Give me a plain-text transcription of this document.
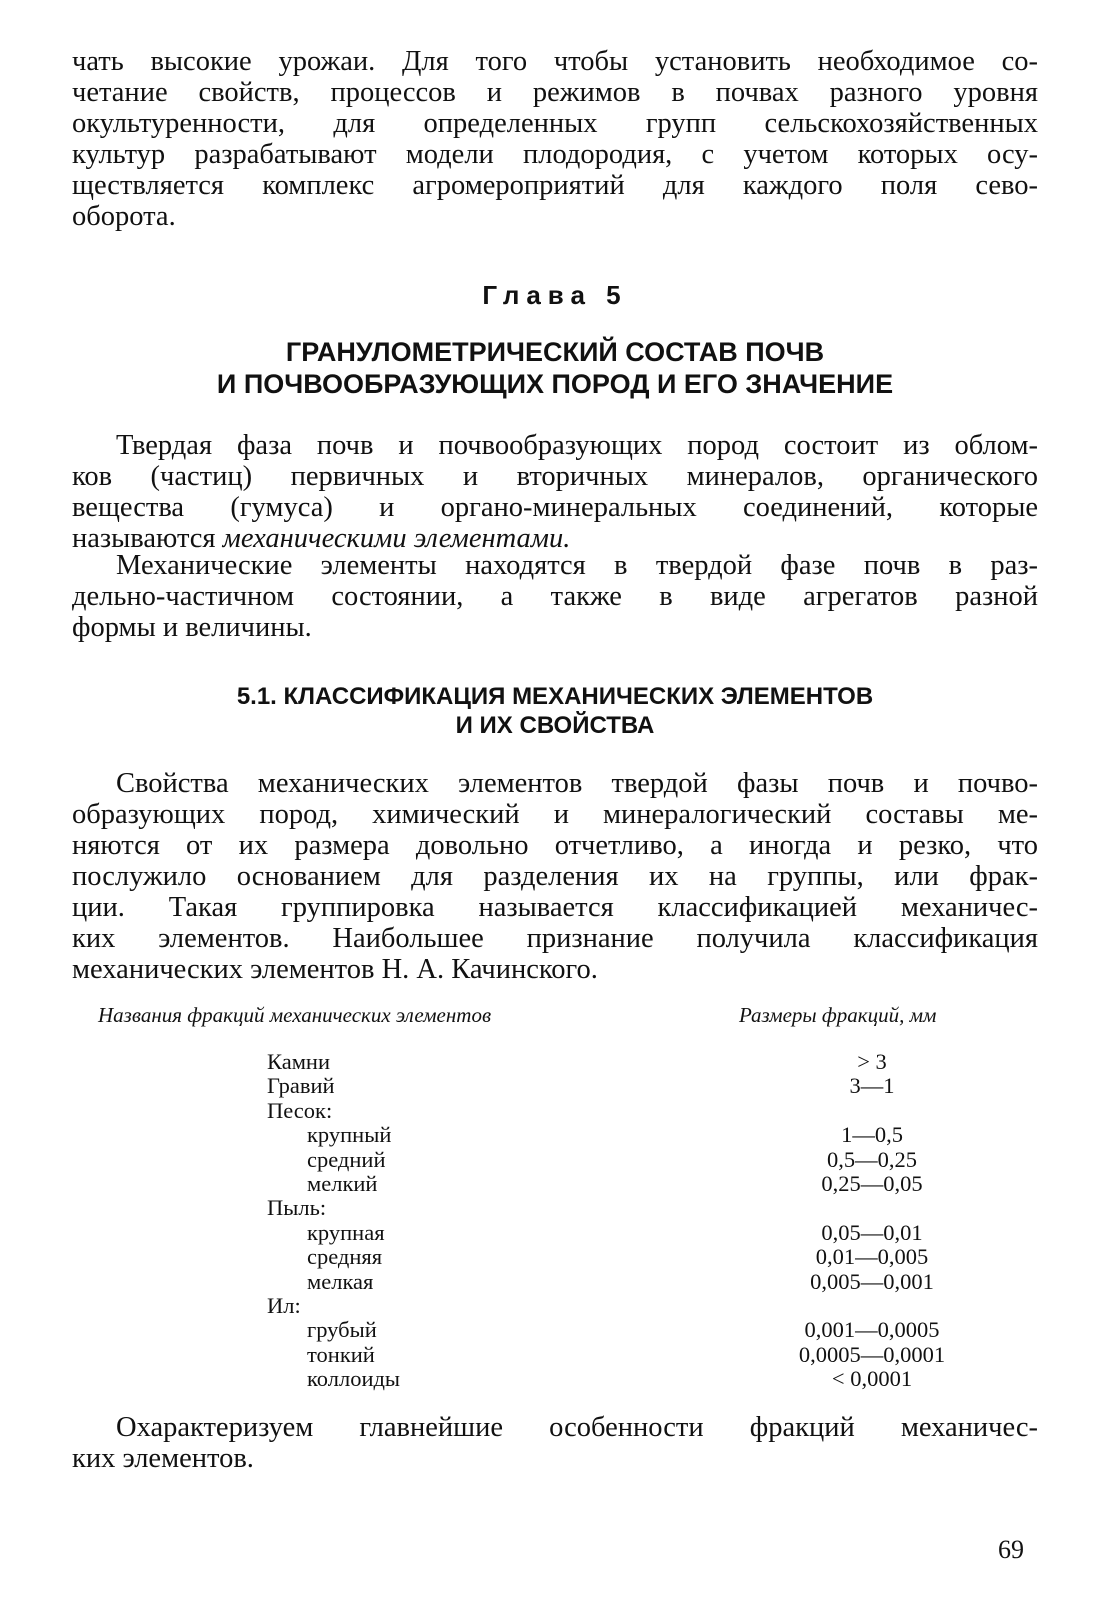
чать высокие урожаи. Для того чтобы установить необходимое со-

четание свойств, процессов и режимов в почвах разного уровня

окультуренности, для определенных групп сельскохозяйственных

культур разрабатывают модели плодородия, с учетом которых осу-

ществляется комплекс агромероприятий для каждого поля сево-

оборота.

Глава 5

ГРАНУЛОМЕТРИЧЕСКИЙ СОСТАВ ПОЧВ

И ПОЧВООБРАЗУЮЩИХ ПОРОД И ЕГО ЗНАЧЕНИЕ

Твердая фаза почв и почвообразующих пород состоит из облом-

ков (частиц) первичных и вторичных минералов, органического

вещества (гумуса) и органо-минеральных соединений, которые

называются механическими элементами.

Механические элементы находятся в твердой фазе почв в раз-

дельно-частичном состоянии, а также в виде агрегатов разной

формы и величины.

5.1. КЛАССИФИКАЦИЯ МЕХАНИЧЕСКИХ ЭЛЕМЕНТОВ

И ИХ СВОЙСТВА

Свойства механических элементов твердой фазы почв и почво-

образующих пород, химический и минералогический составы ме-

няются от их размера довольно отчетливо, а иногда и резко, что

послужило основанием для разделения их на группы, или фрак-

ции. Такая группировка называется классификацией механичес-

ких элементов. Наибольшее признание получила классификация

механических элементов Н. А. Качинского.

Названия фракций механических элементов	Размеры фракций, мм
Камни	> 3
Гравий	3—1
Песок:
крупный	1—0,5
средний	0,5—0,25
мелкий	0,25—0,05
Пыль:
крупная	0,05—0,01
средняя	0,01—0,005
мелкая	0,005—0,001
Ил:
грубый	0,001—0,0005
тонкий	0,0005—0,0001
коллоиды	< 0,0001

Охарактеризуем главнейшие особенности фракций механичес-

ких элементов.

69
